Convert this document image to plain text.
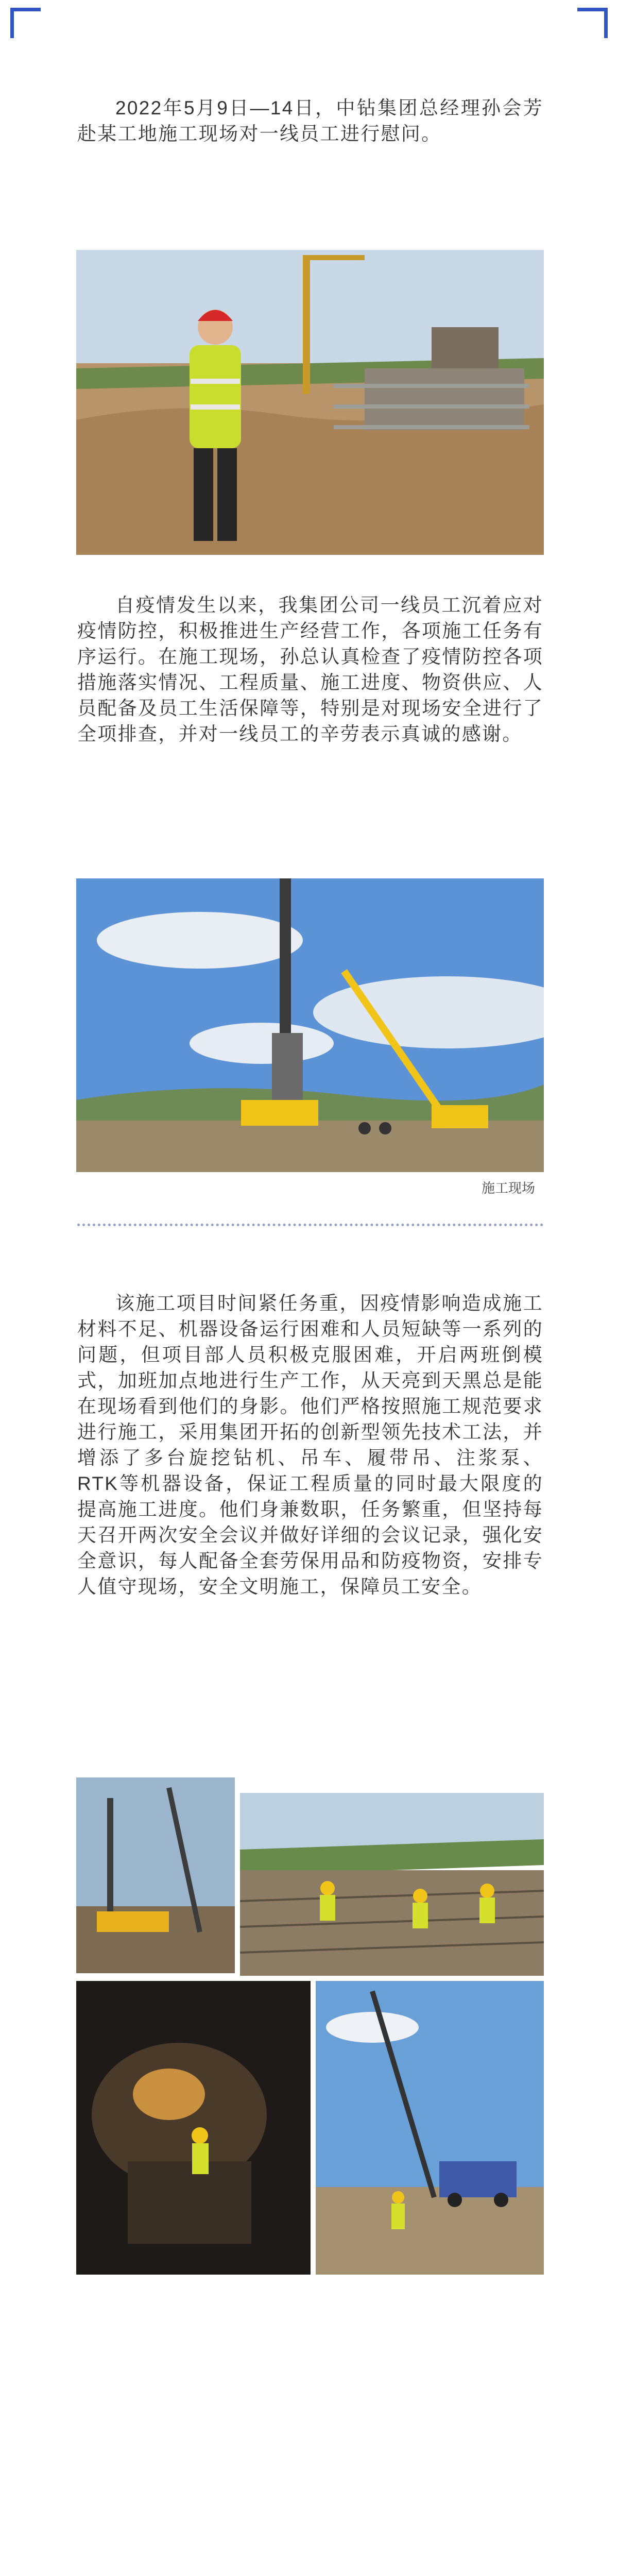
2022年5月9日—14日，中钻集团总经理孙会芳赴某工地施工现场对一线员工进行慰问。

自疫情发生以来，我集团公司一线员工沉着应对疫情防控，积极推进生产经营工作，各项施工任务有序运行。在施工现场，孙总认真检查了疫情防控各项措施落实情况、工程质量、施工进度、物资供应、人员配备及员工生活保障等，特别是对现场安全进行了全项排查，并对一线员工的辛劳表示真诚的感谢。

施工现场

该施工项目时间紧任务重，因疫情影响造成施工材料不足、机器设备运行困难和人员短缺等一系列的问题，但项目部人员积极克服困难，开启两班倒模式，加班加点地进行生产工作，从天亮到天黑总是能在现场看到他们的身影。他们严格按照施工规范要求进行施工，采用集团开拓的创新型领先技术工法，并增添了多台旋挖钻机、吊车、履带吊、注浆泵、RTK等机器设备，保证工程质量的同时最大限度的提高施工进度。他们身兼数职，任务繁重，但坚持每天召开两次安全会议并做好详细的会议记录，强化安全意识，每人配备全套劳保用品和防疫物资，安排专人值守现场，安全文明施工，保障员工安全。
